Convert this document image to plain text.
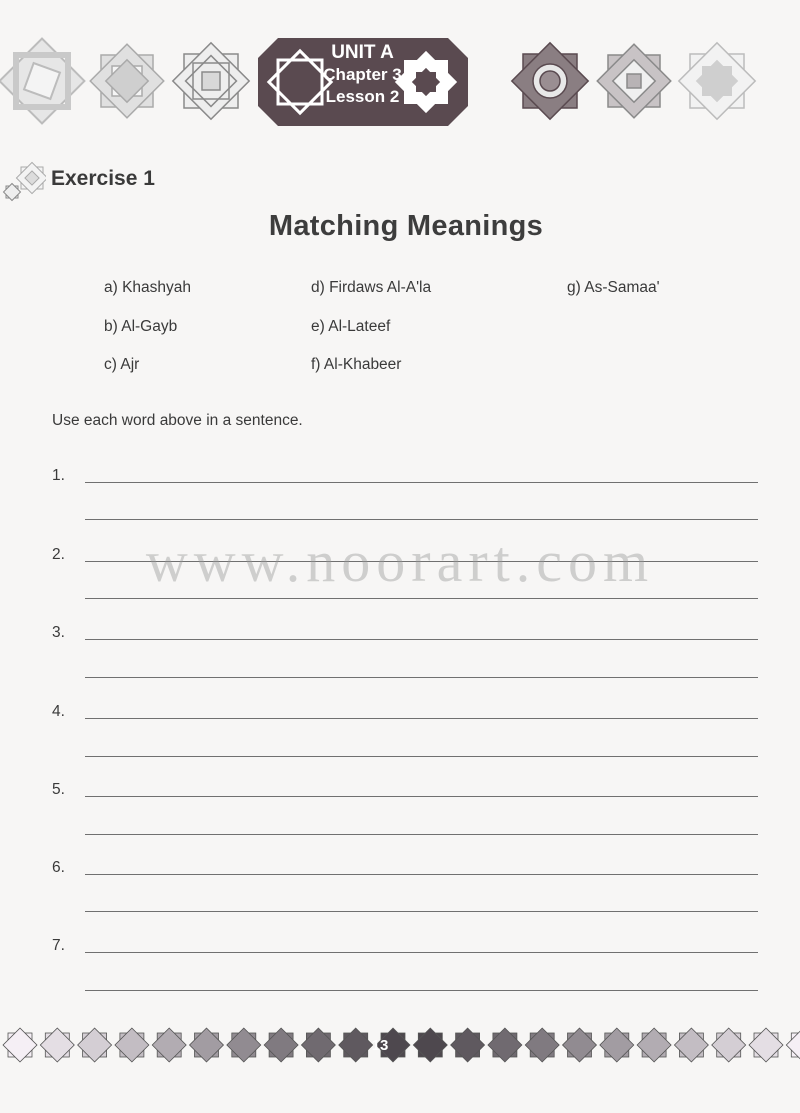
UNIT A
Chapter 3
Lesson 2
Exercise 1
Matching Meanings
a) Khashyah
b) Al-Gayb
c) Ajr
d) Firdaws Al-A'la
e) Al-Lateef
f) Al-Khabeer
g) As-Samaa'
Use each word above in a sentence.
1.
2.
3.
4.
5.
6.
7.
www.noorart.com
13
